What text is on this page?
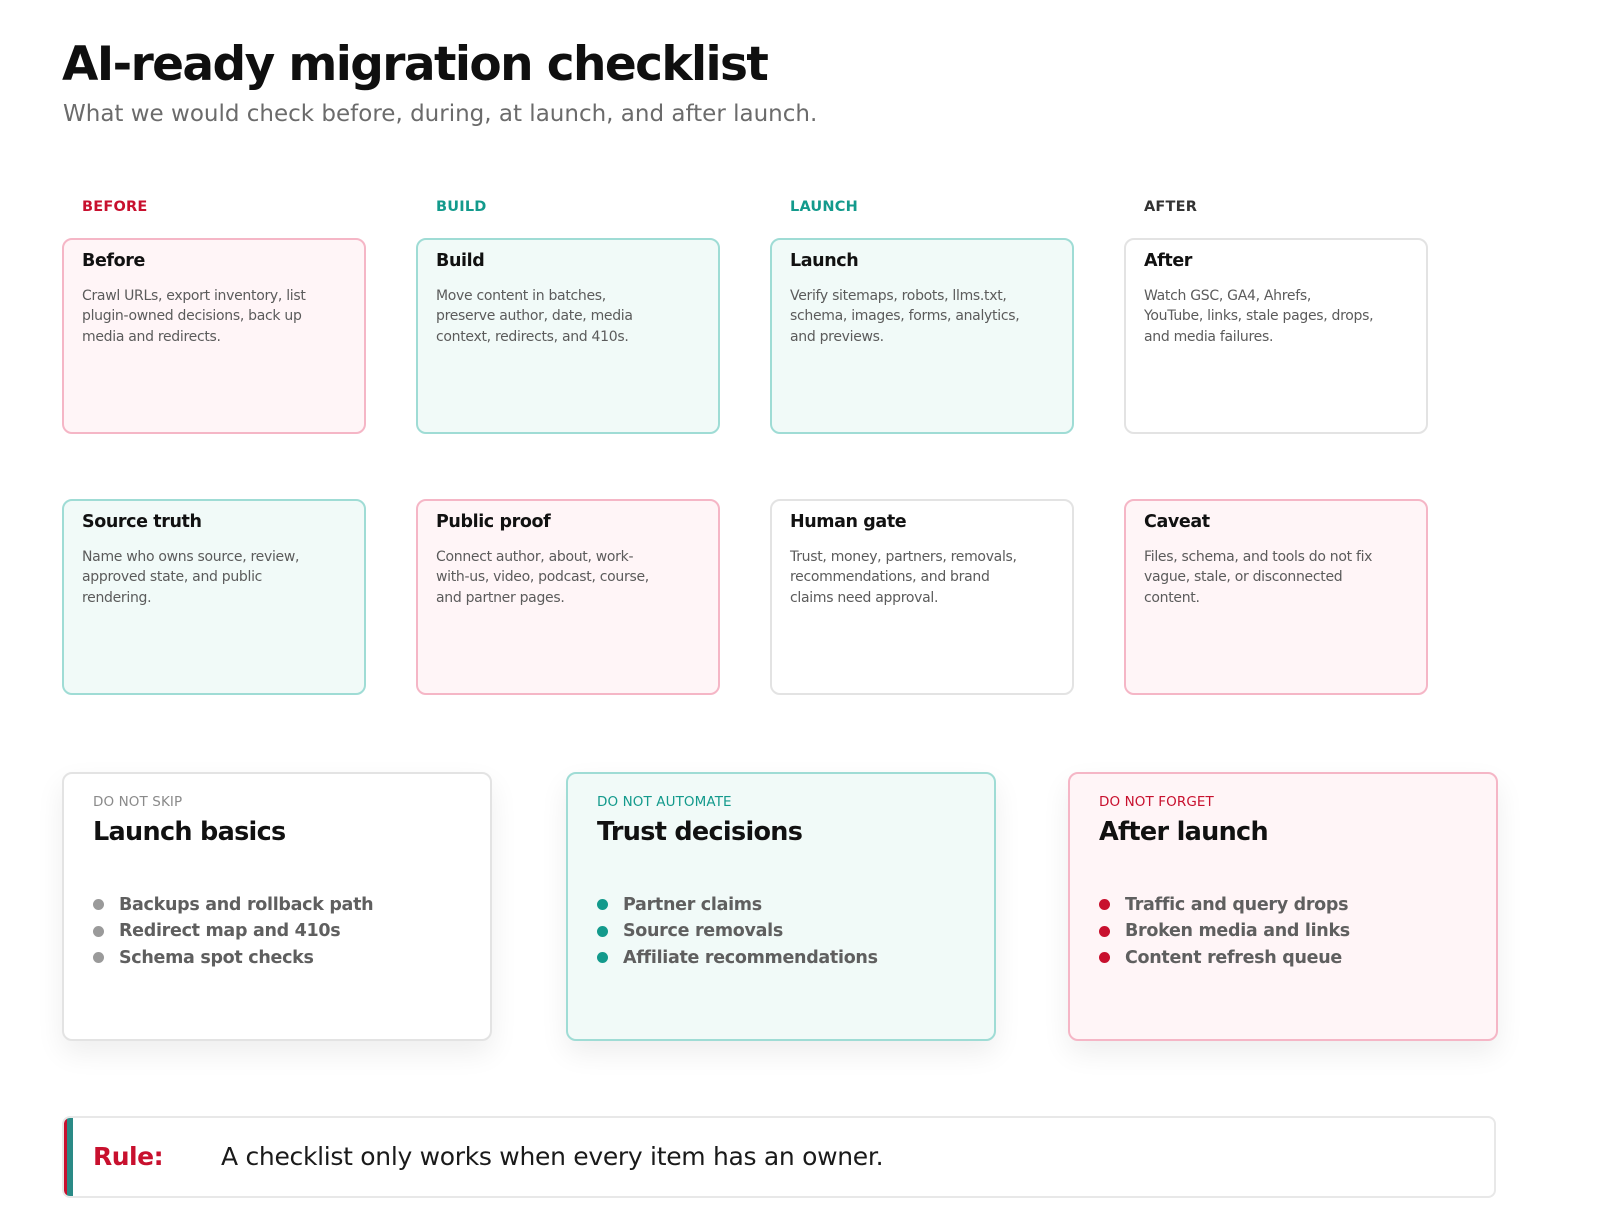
AI-ready migration checklist

What we would check before, during, at launch, and after launch.

BEFORE	BUILD	LAUNCH	AFTER
Before

Crawl URLs, export inventory, list plugin-owned decisions, back up media and redirects.

Build

Move content in batches, preserve author, date, media context, redirects, and 410s.

Launch

Verify sitemaps, robots, llms.txt, schema, images, forms, analytics, and previews.

After

Watch GSC, GA4, Ahrefs, YouTube, links, stale pages, drops, and media failures.

Source truth

Name who owns source, review, approved state, and public rendering.

Public proof

Connect author, about, work-with-us, video, podcast, course, and partner pages.

Human gate

Trust, money, partners, removals, recommendations, and brand claims need approval.

Caveat

Files, schema, and tools do not fix vague, stale, or disconnected content.

DO NOT SKIP

Launch basics
Backups and rollback path
Redirect map and 410s
Schema spot checks

DO NOT AUTOMATE

Trust decisions
Partner claims
Source removals
Affiliate recommendations

DO NOT FORGET

After launch
Traffic and query drops
Broken media and links
Content refresh queue
Rule: A checklist only works when every item has an owner.
